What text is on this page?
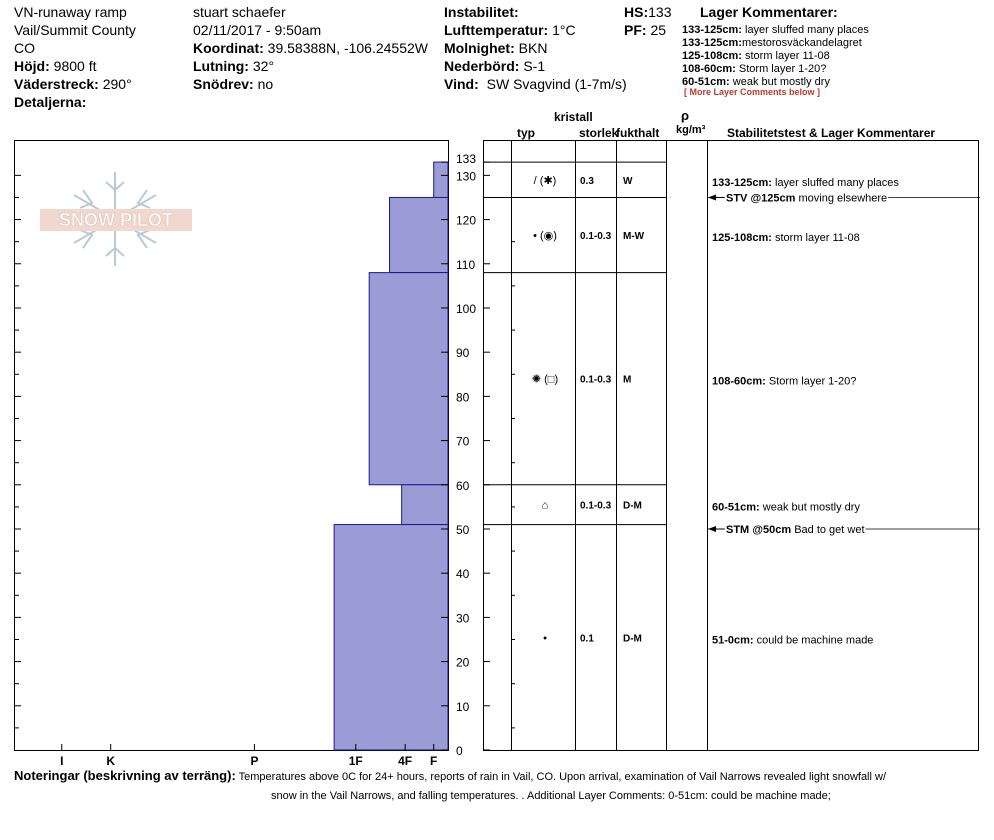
VN-runaway ramp
Vail/Summit County
CO
Höjd: 9800 ft
Väderstreck: 290°
Detaljerna:
stuart schaefer
02/11/2017 - 9:50am
Koordinat: 39.58388N, -106.24552W
Lutning: 32°
Snödrev: no
Instabilitet:
Lufttemperatur: 1°C
Molnighet: BKN
Nederbörd: S-1
Vind: SW Svagvind (1-7m/s)
HS:133
PF: 25
Lager Kommentarer:
133-125cm: layer sluffed many places
133-125cm:mestorosväckandelagret
125-108cm: storm layer 11-08
108-60cm: Storm layer 1-20?
60-51cm: weak but mostly dry
[ More Layer Comments below ]
kristall
typ	storlek
fukthalt
ρ
kg/m³ Stabilitetstest & Lager Kommentarer
SNOW PILOT
0
10
20
30
40
50
60
70
80
90
100
110
120
130
133
I	K	P	1F	4F F
/ (✱) 0.3	W	133-125cm: layer sluffed many places
• (◉) 0.1-0.3 M-W	125-108cm: storm layer 11-08
✺ (□) 0.1-0.3 M	108-60cm: Storm layer 1-20?
⌂	0.1-0.3 D-M	60-51cm: weak but mostly dry
•	0.1	D-M	51-0cm: could be machine made
STV @125cm moving elsewhere
STM @50cm Bad to get wet
Noteringar (beskrivning av terräng): Temperatures above 0C for 24+ hours, reports of rain in Vail, CO. Upon arrival, examination of Vail Narrows revealed light snowfall w/
snow in the Vail Narrows, and falling temperatures. . Additional Layer Comments: 0-51cm: could be machine made;
